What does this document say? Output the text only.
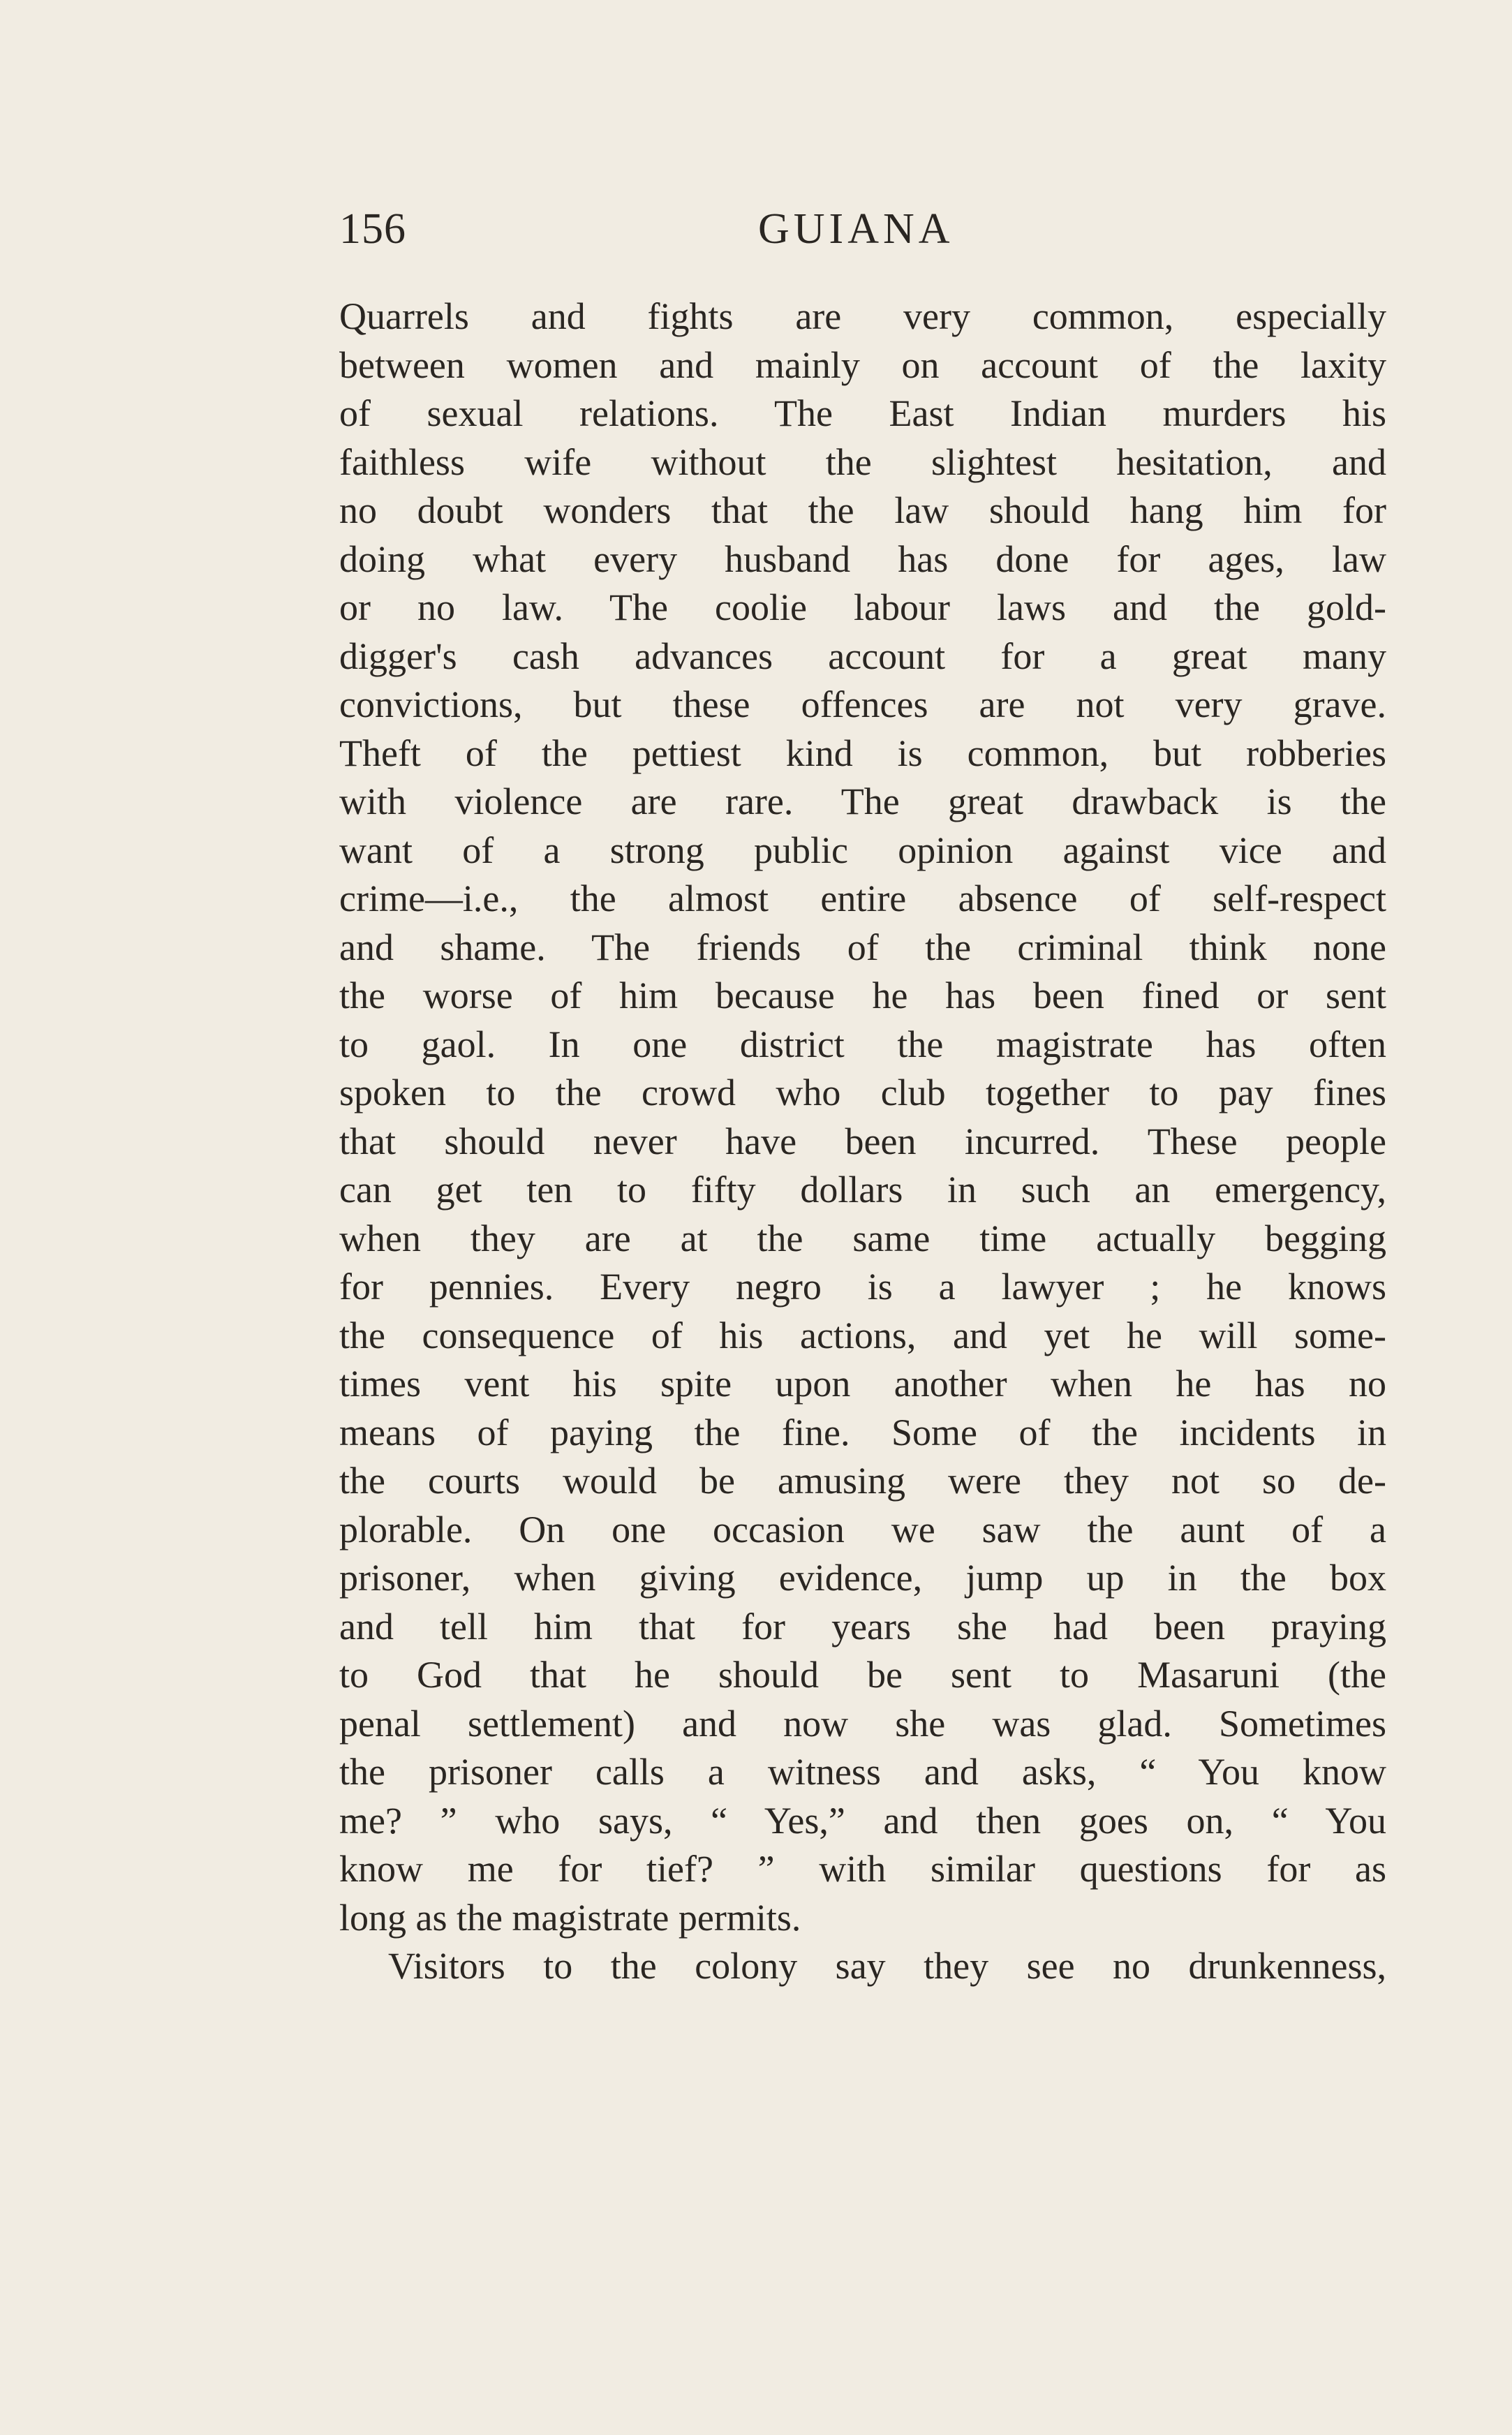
156	GUIANA
Quarrels and fights are very common, especially
between women and mainly on account of the laxity
of sexual relations. The East Indian murders his
faithless wife without the slightest hesitation, and
no doubt wonders that the law should hang him for
doing what every husband has done for ages, law
or no law. The coolie labour laws and the gold-
digger's cash advances account for a great many
convictions, but these offences are not very grave.
Theft of the pettiest kind is common, but robberies
with violence are rare. The great drawback is the
want of a strong public opinion against vice and
crime—i.e., the almost entire absence of self-respect
and shame. The friends of the criminal think none
the worse of him because he has been fined or sent
to gaol. In one district the magistrate has often
spoken to the crowd who club together to pay fines
that should never have been incurred. These people
can get ten to fifty dollars in such an emergency,
when they are at the same time actually begging
for pennies. Every negro is a lawyer ; he knows
the consequence of his actions, and yet he will some-
times vent his spite upon another when he has no
means of paying the fine. Some of the incidents in
the courts would be amusing were they not so de-
plorable. On one occasion we saw the aunt of a
prisoner, when giving evidence, jump up in the box
and tell him that for years she had been praying
to God that he should be sent to Masaruni (the
penal settlement) and now she was glad. Sometimes
the prisoner calls a witness and asks, “ You know
me? ” who says, “ Yes,” and then goes on, “ You
know me for tief? ” with similar questions for as
long as the magistrate permits.
Visitors to the colony say they see no drunkenness,
